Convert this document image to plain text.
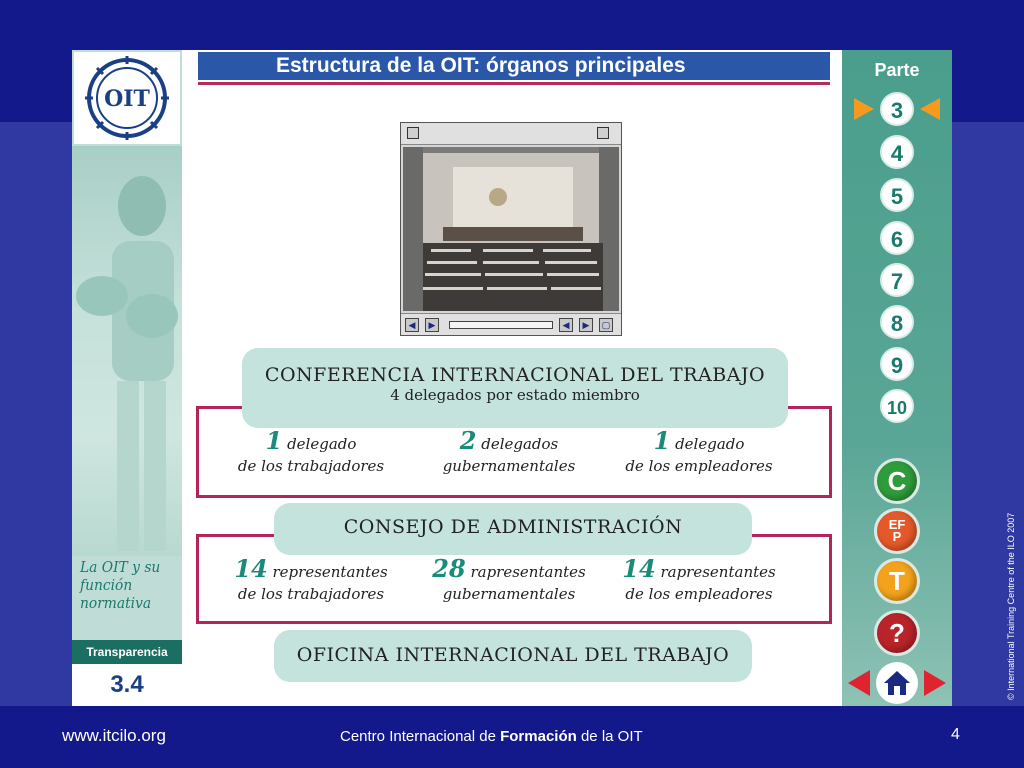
OIT
La OIT y su función normativa
Transparencia
3.4
Estructura de la OIT: órganos principales
◀	▶	◀	▶	▢
CONFERENCIA INTERNACIONAL DEL TRABAJO
4 delegados por estado miembro
1 delegado
de los trabajadores
2 delegados
gubernamentales
1 delegado
de los empleadores
CONSEJO DE ADMINISTRACIÓN
14 representantes
de los trabajadores
28 rapresentantes
gubernamentales
14 rapresentantes
de los empleadores
OFICINA INTERNACIONAL DEL TRABAJO
Parte
3
4
5
6
7
8
9
10
C
EF
P
T
?
www.itcilo.org	Centro Internacional de Formación de la OIT	4
© International Training Centre of the ILO 2007
